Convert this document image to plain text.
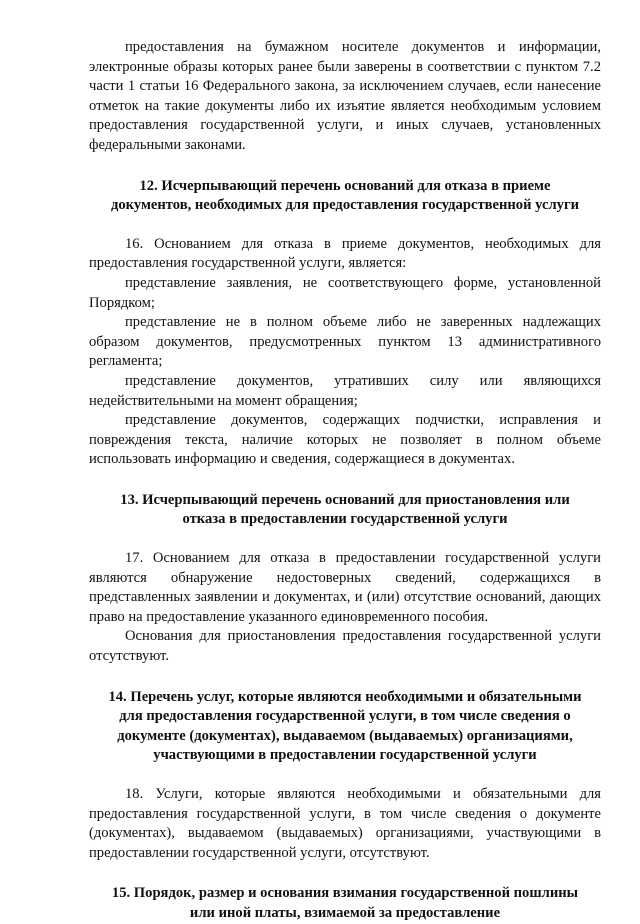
предоставления на бумажном носителе документов и информации, электронные образы которых ранее были заверены в соответствии с пунктом 7.2 части 1 статьи 16 Федерального закона, за исключением случаев, если нанесение отметок на такие документы либо их изъятие является необходимым условием предоставления государственной услуги, и иных случаев, установленных федеральными законами.

12. Исчерпывающий перечень оснований для отказа в приеме документов, необходимых для предоставления государственной услуги

16. Основанием для отказа в приеме документов, необходимых для предоставления государственной услуги, является:

представление заявления, не соответствующего форме, установленной Порядком;

представление не в полном объеме либо не заверенных надлежащих образом документов, предусмотренных пунктом 13 административного регламента;

представление документов, утративших силу или являющихся недействительными на момент обращения;

представление документов, содержащих подчистки, исправления и повреждения текста, наличие которых не позволяет в полном объеме использовать информацию и сведения, содержащиеся в документах.

13. Исчерпывающий перечень оснований для приостановления или отказа в предоставлении государственной услуги

17. Основанием для отказа в предоставлении государственной услуги являются обнаружение недостоверных сведений, содержащихся в представленных заявлении и документах, и (или) отсутствие оснований, дающих право на предоставление указанного единовременного пособия.

Основания для приостановления предоставления государственной услуги отсутствуют.

14. Перечень услуг, которые являются необходимыми и обязательными для предоставления государственной услуги, в том числе сведения о документе (документах), выдаваемом (выдаваемых) организациями, участвующими в предоставлении государственной услуги

18. Услуги, которые являются необходимыми и обязательными для предоставления государственной услуги, в том числе сведения о документе (документах), выдаваемом (выдаваемых) организациями, участвующими в предоставлении государственной услуги, отсутствуют.

15. Порядок, размер и основания взимания государственной пошлины или иной платы, взимаемой за предоставление
